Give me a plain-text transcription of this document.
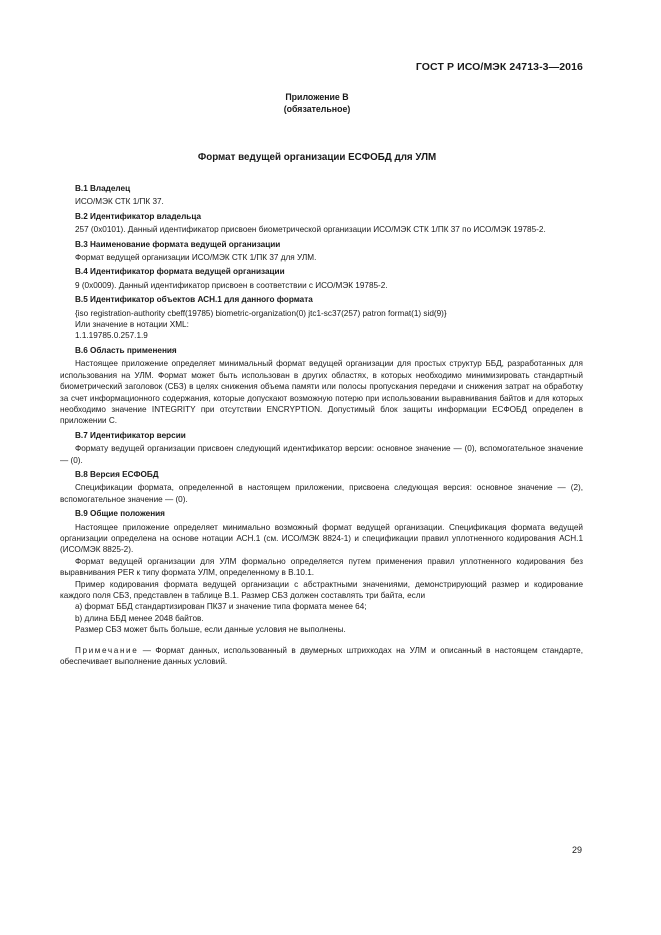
ГОСТ Р ИСО/МЭК 24713-3—2016
Приложение В
(обязательное)
Формат ведущей организации ЕСФОБД для УЛМ
В.1 Владелец
ИСО/МЭК СТК 1/ПК 37.
В.2 Идентификатор владельца

257 (0x0101). Данный идентификатор присвоен биометрической организации ИСО/МЭК СТК 1/ПК 37 по ИСО/МЭК 19785-2.

В.3 Наименование формата ведущей организации
Формат ведущей организации ИСО/МЭК СТК 1/ПК 37 для УЛМ.
В.4 Идентификатор формата ведущей организации
9 (0x0009). Данный идентификатор присвоен в соответствии с ИСО/МЭК 19785-2.
В.5 Идентификатор объектов АСН.1 для данного формата
{iso registration-authority cbeff(19785) biometric-organization(0) jtc1-sc37(257) patron format(1) sid(9)}
Или значение в нотации XML:
1.1.19785.0.257.1.9
В.6 Область применения

Настоящее приложение определяет минимальный формат ведущей организации для простых структур ББД, разработанных для использования на УЛМ. Формат может быть использован в других областях, в которых необходимо минимизировать стандартный биометрический заголовок (СБЗ) в целях снижения объема памяти или полосы пропускания передачи и снижения затрат на обработку за счет информационного содержания, которые допускают возможную потерю при использовании выравнивания байтов и для которых необходимо значение INTEGRITY при отсутствии ENCRYPTION. Допустимый блок защиты информации ЕСФОБД определен в приложении С.

В.7 Идентификатор версии

Формату ведущей организации присвоен следующий идентификатор версии: основное значение — (0), вспомогательное значение — (0).

В.8 Версия ЕСФОБД

Спецификации формата, определенной в настоящем приложении, присвоена следующая версия: основное значение — (2), вспомогательное значение — (0).

В.9 Общие положения

Настоящее приложение определяет минимально возможный формат ведущей организации. Спецификация формата ведущей организации определена на основе нотации АСН.1 (см. ИСО/МЭК 8824-1) и спецификации правил уплотненного кодирования АСН.1 (ИСО/МЭК 8825-2).

Формат ведущей организации для УЛМ формально определяется путем применения правил уплотненного кодирования без выравнивания PER к типу формата УЛМ, определенному в В.10.1.

Пример кодирования формата ведущей организации с абстрактными значениями, демонстрирующий размер и кодирование каждого поля СБЗ, представлен в таблице В.1. Размер СБЗ должен составлять три байта, если

а) формат ББД стандартизирован ПК37 и значение типа формата менее 64;

b) длина ББД менее 2048 байтов.

Размер СБЗ может быть больше, если данные условия не выполнены.

Примечание — Формат данных, использованный в двумерных штрихкодах на УЛМ и описанный в настоящем стандарте, обеспечивает выполнение данных условий.

29
